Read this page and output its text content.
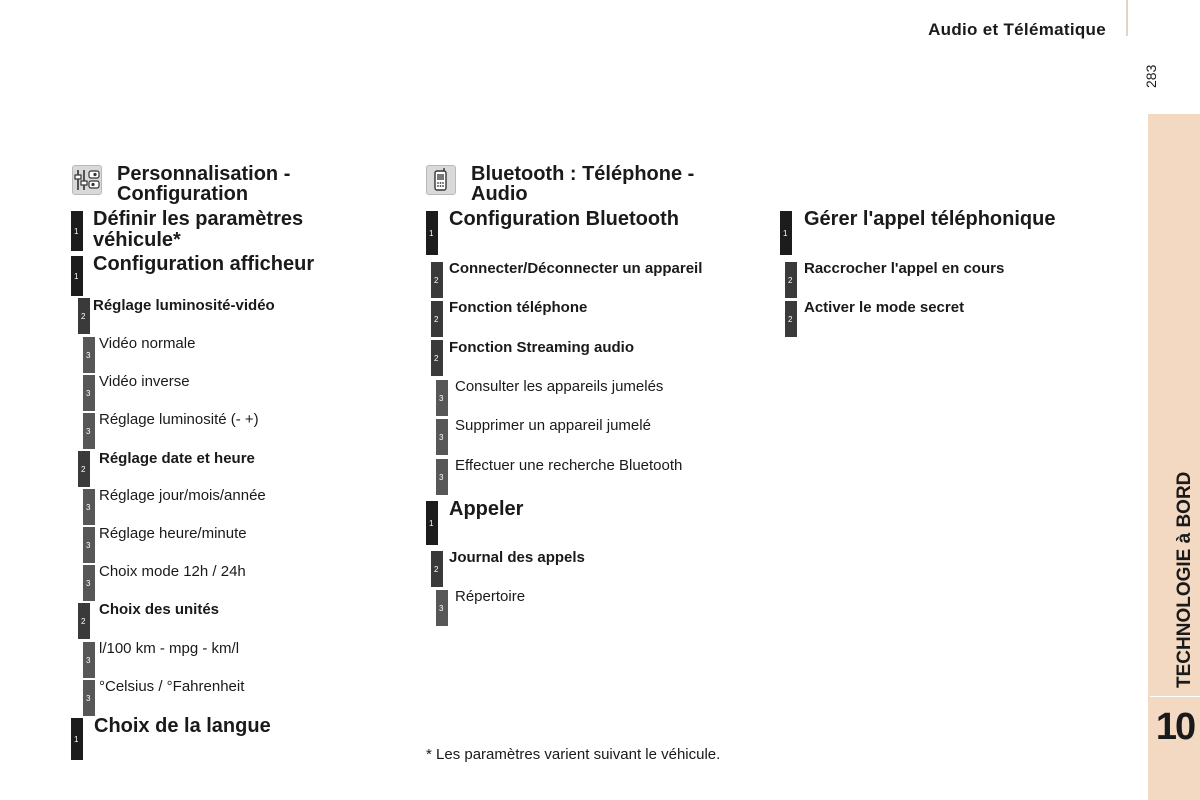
Audio et Télématique
283
TECHNOLOGIE à BORD
10
Personnalisation -
Configuration
Bluetooth : Téléphone -
Audio
1
Définir les paramètres
véhicule*
1
Configuration afficheur
2
Réglage luminosité-vidéo
3
Vidéo normale
3
Vidéo inverse
3
Réglage luminosité (- +)
2
Réglage date et heure
3
Réglage jour/mois/année
3
Réglage heure/minute
3
Choix mode 12h / 24h
2
Choix des unités
3
l/100 km - mpg - km/l
3
°Celsius / °Fahrenheit
1
Choix de la langue
1
Configuration Bluetooth
2
Connecter/Déconnecter un appareil
2
Fonction téléphone
2
Fonction Streaming audio
3
Consulter les appareils jumelés
3
Supprimer un appareil jumelé
3
Effectuer une recherche Bluetooth
1
Appeler
2
Journal des appels
3
Répertoire
1
Gérer l'appel téléphonique
2
Raccrocher l'appel en cours
2
Activer le mode secret
* Les paramètres varient suivant le véhicule.
